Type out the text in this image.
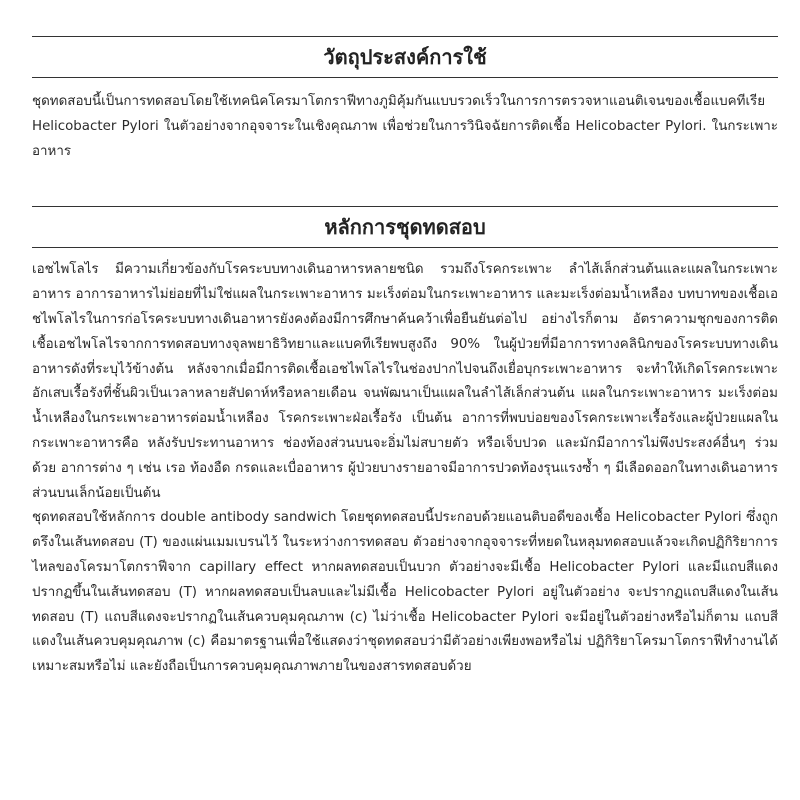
วัตถุประสงค์การใช้

ชุดทดสอบนี้เป็นการทดสอบโดยใช้เทคนิคโครมาโตกราฟีทางภูมิคุ้มกันแบบรวดเร็วในการการตรวจหาแอนติเจนของเชื้อแบคทีเรีย Helicobacter Pylori ในตัวอย่างจากอุจจาระในเชิงคุณภาพ เพื่อช่วยในการวินิจฉัยการติดเชื้อ Helicobacter Pylori. ในกระเพาะอาหาร

หลักการชุดทดสอบ

เอชไพโลไร มีความเกี่ยวข้องกับโรคระบบทางเดินอาหารหลายชนิด รวมถึงโรคกระเพาะ ลำไส้เล็กส่วนต้นและแผลในกระเพาะอาหาร อาการอาหารไม่ย่อยที่ไม่ใช่แผลในกระเพาะอาหาร มะเร็งต่อมในกระเพาะอาหาร และมะเร็งต่อมน้ำเหลือง บทบาทของเชื้อเอชไพโลไรในการก่อโรคระบบทางเดินอาหารยังคงต้องมีการศึกษาค้นคว้าเพื่อยืนยันต่อไป อย่างไรก็ตาม อัตราความชุกของการติดเชื้อเอชไพโลไรจากการทดสอบทางจุลพยาธิวิทยาและแบคทีเรียพบสูงถึง 90% ในผู้ป่วยที่มีอาการทางคลินิกของโรคระบบทางเดินอาหารดังที่ระบุไว้ข้างต้น หลังจากเมื่อมีการติดเชื้อเอชไพโลไรในช่องปากไปจนถึงเยื่อบุกระเพาะอาหาร จะทำให้เกิดโรคกระเพาะอักเสบเรื้อรังที่ชั้นผิวเป็นเวลาหลายสัปดาห์หรือหลายเดือน จนพัฒนาเป็นแผลในลำไส้เล็กส่วนต้น แผลในกระเพาะอาหาร มะเร็งต่อมน้ำเหลืองในกระเพาะอาหารต่อมน้ำเหลือง โรคกระเพาะฝ่อเรื้อรัง เป็นต้น อาการที่พบบ่อยของโรคกระเพาะเรื้อรังและผู้ป่วยแผลในกระเพาะอาหารคือ หลังรับประทานอาหาร ช่องท้องส่วนบนจะอิ่มไม่สบายตัว หรือเจ็บปวด และมักมีอาการไม่พึงประสงค์อื่นๆ ร่วมด้วย อาการต่าง ๆ เช่น เรอ ท้องอืด กรดและเบื่ออาหาร ผู้ป่วยบางรายอาจมีอาการปวดท้องรุนแรงซ้ำ ๆ มีเลือดออกในทางเดินอาหารส่วนบนเล็กน้อยเป็นต้น

ชุดทดสอบใช้หลักการ double antibody sandwich โดยชุดทดสอบนี้ประกอบด้วยแอนติบอดีของเชื้อ Helicobacter Pylori ซึ่งถูกตรึงในเส้นทดสอบ (T) ของแผ่นเมมเบรนไว้ ในระหว่างการทดสอบ ตัวอย่างจากอุจจาระที่หยดในหลุมทดสอบแล้วจะเกิดปฏิกิริยาการไหลของโครมาโตกราฟีจาก capillary effect หากผลทดสอบเป็นบวก ตัวอย่างจะมีเชื้อ Helicobacter Pylori และมีแถบสีแดงปรากฏขึ้นในเส้นทดสอบ (T) หากผลทดสอบเป็นลบและไม่มีเชื้อ Helicobacter Pylori อยู่ในตัวอย่าง จะปรากฏแถบสีแดงในเส้นทดสอบ (T) แถบสีแดงจะปรากฏในเส้นควบคุมคุณภาพ (c) ไม่ว่าเชื้อ Helicobacter Pylori จะมีอยู่ในตัวอย่างหรือไม่ก็ตาม แถบสีแดงในเส้นควบคุมคุณภาพ (c) คือมาตรฐานเพื่อใช้แสดงว่าชุดทดสอบว่ามีตัวอย่างเพียงพอหรือไม่ ปฏิกิริยาโครมาโตกราฟีทำงานได้เหมาะสมหรือไม่ และยังถือเป็นการควบคุมคุณภาพภายในของสารทดสอบด้วย
